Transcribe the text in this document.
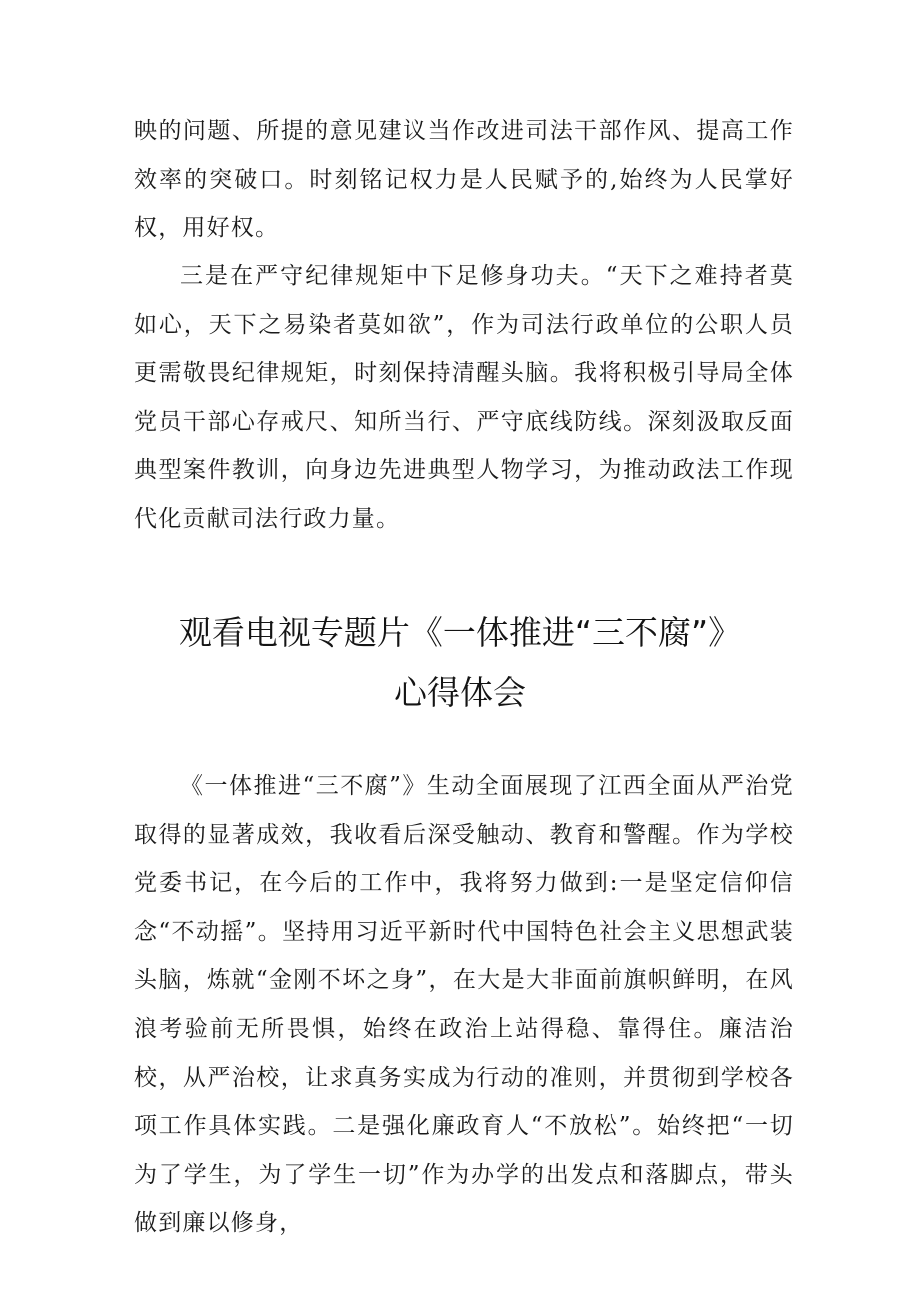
映的问题、所提的意见建议当作改进司法干部作风、提高工作效率的突破口。时刻铭记权力是人民赋予的,始终为人民掌好权，用好权。

三是在严守纪律规矩中下足修身功夫。“天下之难持者莫如心，天下之易染者莫如欲”，作为司法行政单位的公职人员更需敬畏纪律规矩，时刻保持清醒头脑。我将积极引导局全体党员干部心存戒尺、知所当行、严守底线防线。深刻汲取反面典型案件教训，向身边先进典型人物学习，为推动政法工作现代化贡献司法行政力量。

观看电视专题片《一体推进“三不腐”》
心得体会

《一体推进“三不腐”》生动全面展现了江西全面从严治党取得的显著成效，我收看后深受触动、教育和警醒。作为学校党委书记，在今后的工作中，我将努力做到:一是坚定信仰信念“不动摇”。坚持用习近平新时代中国特色社会主义思想武装头脑，炼就“金刚不坏之身”，在大是大非面前旗帜鲜明，在风浪考验前无所畏惧，始终在政治上站得稳、靠得住。廉洁治校，从严治校，让求真务实成为行动的准则，并贯彻到学校各项工作具体实践。二是强化廉政育人“不放松”。始终把“一切为了学生，为了学生一切”作为办学的出发点和落脚点，带头做到廉以修身，
